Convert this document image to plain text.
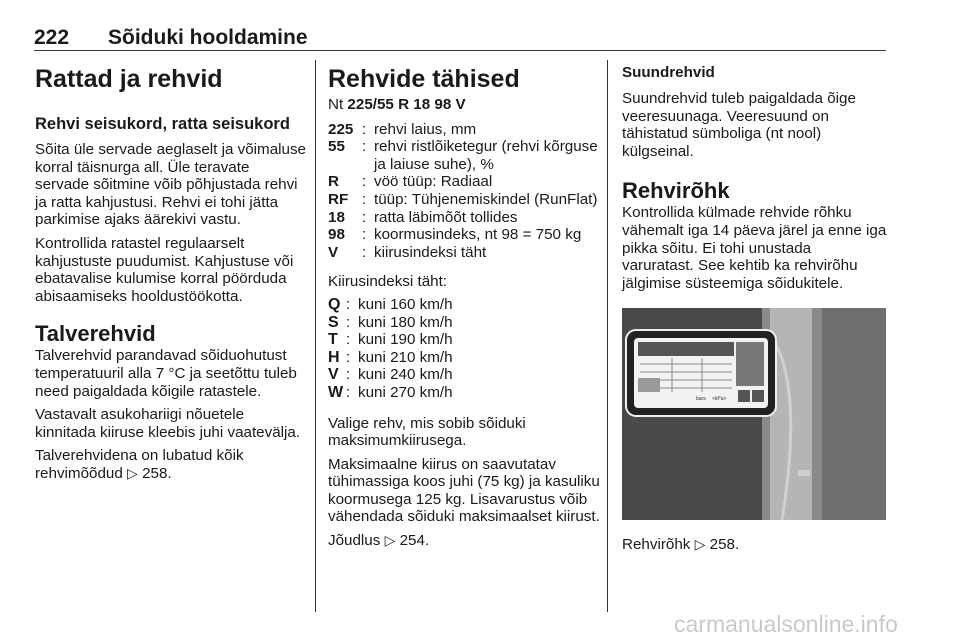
222 Sõiduki hooldamine
Rattad ja rehvid
Rehvi seisukord, ratta seisukord

Sõita üle servade aeglaselt ja võimaluse korral täisnurga all. Üle teravate servade sõitmine võib põhjustada rehvi ja ratta kahjustusi. Rehvi ei tohi jätta parkimise ajaks äärekivi vastu.

Kontrollida ratastel regulaarselt kahjustuste puudumist. Kahjustuse või ebatavalise kulumise korral pöörduda abisaamiseks hooldustöökotta.

Talverehvid

Talverehvid parandavad sõiduohutust temperatuuril alla 7 °C ja seetõttu tuleb need paigaldada kõigile ratastele.

Vastavalt asukohariigi nõuetele kinnitada kiiruse kleebis juhi vaatevälja.

Talverehvidena on lubatud kõik rehvimõõdud ▷ 258.

Rehvide tähised

Nt 225/55 R 18 98 V

225 : rehvi laius, mm
55	: rehvi ristlõiketegur (rehvi kõrguse ja laiuse suhe), %
R	: vöö tüüp: Radiaal
RF : tüüp: Tühjenemiskindel (RunFlat)
18	: ratta läbimõõt tollides
98	: koormusindeks, nt 98 = 750 kg
V	: kiirusindeksi täht

Kiirusindeksi täht:

Q : kuni 160 km/h
S : kuni 180 km/h
T : kuni 190 km/h
H : kuni 210 km/h
V : kuni 240 km/h
W : kuni 270 km/h

Valige rehv, mis sobib sõiduki maksimumkiirusega.

Maksimaalne kiirus on saavutatav tühimassiga koos juhi (75 kg) ja kasuliku koormusega 125 kg. Lisavarustus võib vähendada sõiduki maksimaalset kiirust.

Jõudlus ▷ 254.

Suundrehvid

Suundrehvid tuleb paigaldada õige veeresuunaga. Veeresuund on tähistatud sümboliga (nt nool) külgseinal.

Rehvirõhk

Kontrollida külmade rehvide rõhku vähemalt iga 14 päeva järel ja enne iga pikka sõitu. Ei tohi unustada varuratast. See kehtib ka rehvirõhu jälgimise süsteemiga sõidukitele.

bars <kPa>

Rehvirõhk ▷ 258.

carmanualsonline.info
